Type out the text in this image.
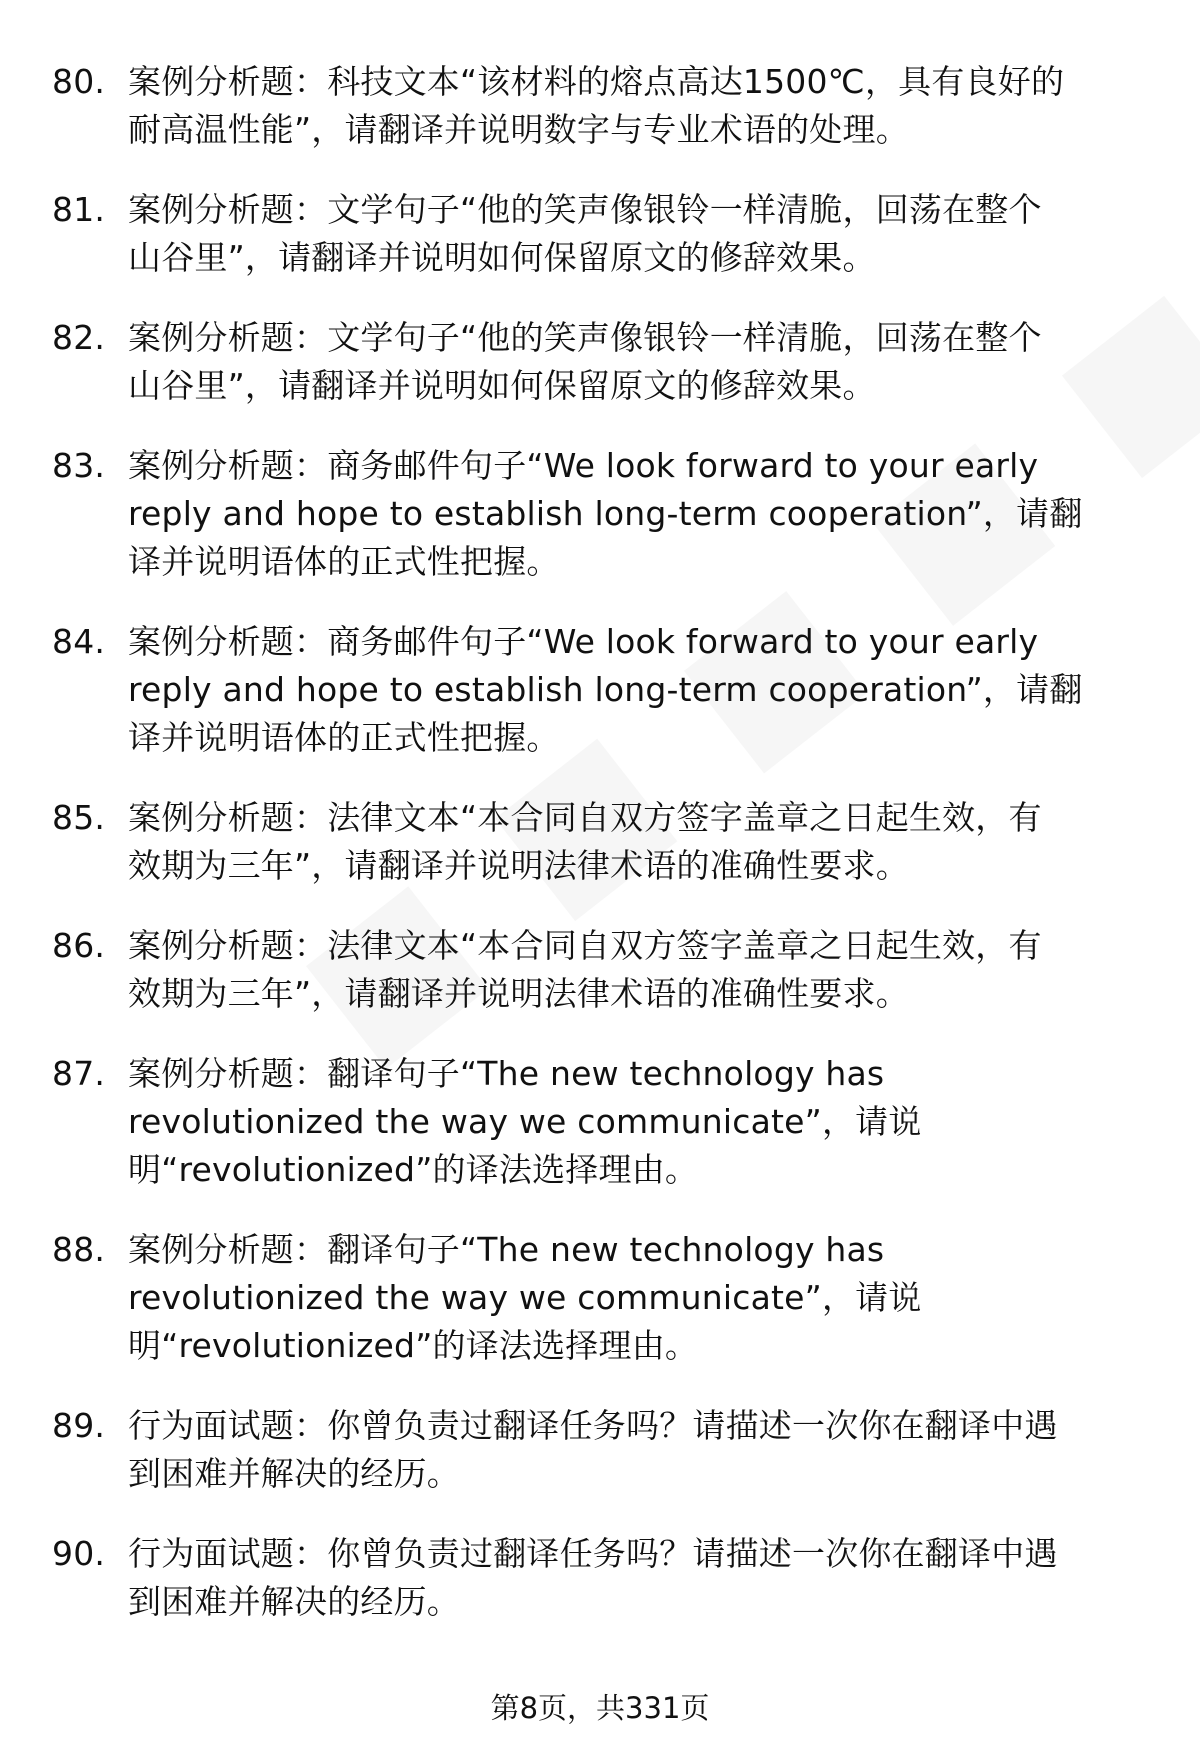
80. 案例分析题：科技文本“该材料的熔点高达1500℃，具有良好的
耐高温性能”，请翻译并说明数字与专业术语的处理。
81. 案例分析题：文学句子“他的笑声像银铃一样清脆，回荡在整个
山谷里”，请翻译并说明如何保留原文的修辞效果。
82. 案例分析题：文学句子“他的笑声像银铃一样清脆，回荡在整个
山谷里”，请翻译并说明如何保留原文的修辞效果。
83. 案例分析题：商务邮件句子“We look forward to your early
reply and hope to establish long-term cooperation”，请翻
译并说明语体的正式性把握。
84. 案例分析题：商务邮件句子“We look forward to your early
reply and hope to establish long-term cooperation”，请翻
译并说明语体的正式性把握。
85. 案例分析题：法律文本“本合同自双方签字盖章之日起生效，有
效期为三年”，请翻译并说明法律术语的准确性要求。
86. 案例分析题：法律文本“本合同自双方签字盖章之日起生效，有
效期为三年”，请翻译并说明法律术语的准确性要求。
87. 案例分析题：翻译句子“The new technology has
revolutionized the way we communicate”，请说
明“revolutionized”的译法选择理由。
88. 案例分析题：翻译句子“The new technology has
revolutionized the way we communicate”，请说
明“revolutionized”的译法选择理由。
89. 行为面试题：你曾负责过翻译任务吗？请描述一次你在翻译中遇
到困难并解决的经历。
90. 行为面试题：你曾负责过翻译任务吗？请描述一次你在翻译中遇
到困难并解决的经历。
第8页，共331页
